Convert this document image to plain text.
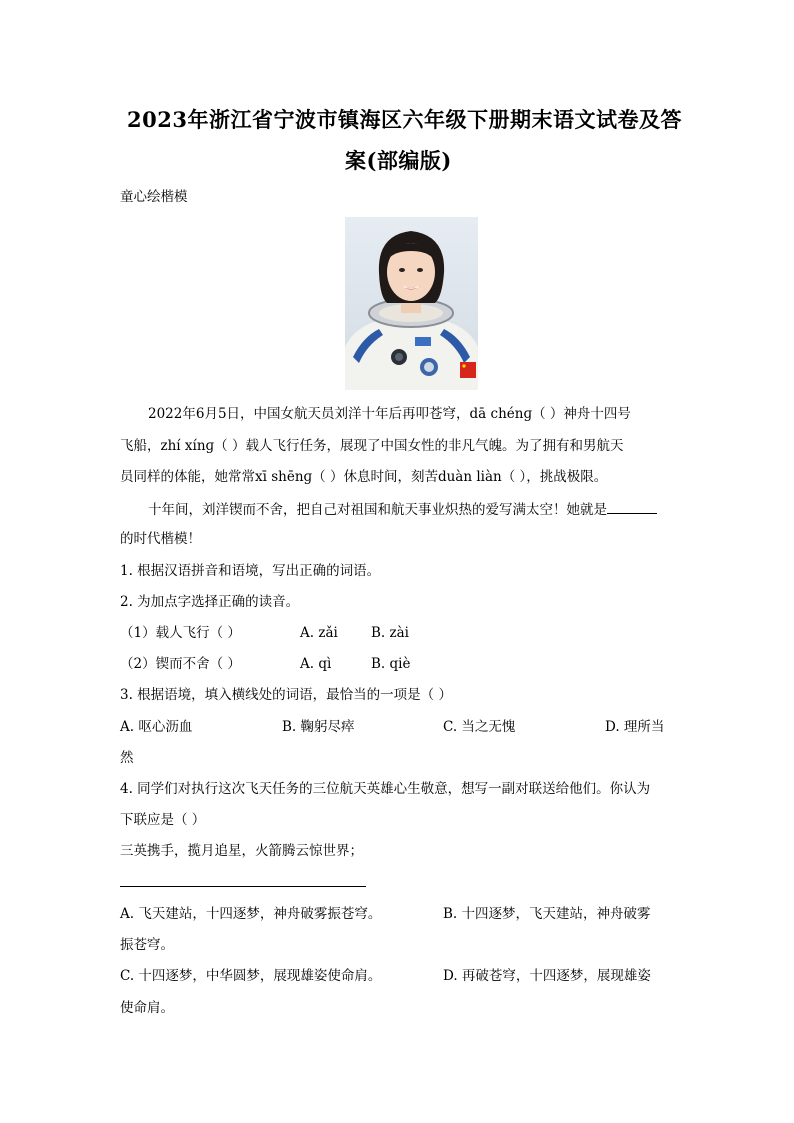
2023年浙江省宁波市镇海区六年级下册期末语文试卷及答
案(部编版)
童心绘楷模
2022年6月5日，中国女航天员刘洋十年后再叩苍穹，dā chénɡ（ ）神舟十四号
飞船，zhí xínɡ（ ）载人飞行任务，展现了中国女性的非凡气魄。为了拥有和男航天
员同样的体能，她常常xī shēnɡ（ ）休息时间，刻苦duàn liàn（ ），挑战极限。
十年间，刘洋锲而不舍，把自己对祖国和航天事业炽热的爱写满太空！她就是
的时代楷模！
1. 根据汉语拼音和语境，写出正确的词语。
2. 为加点字选择正确的读音。
（1）载人飞行（ ）	A. zǎi B. zài
（2）锲而不舍（ ）	A. qì	B. qiè
3. 根据语境，填入横线处的词语，最恰当的一项是（ ）
A. 呕心沥血	B. 鞠躬尽瘁	C. 当之无愧	D. 理所当
然
4. 同学们对执行这次飞天任务的三位航天英雄心生敬意，想写一副对联送给他们。你认为
下联应是（ ）
三英携手，揽月追星，火箭腾云惊世界；
A. 飞天建站，十四逐梦，神舟破雾振苍穹。	B. 十四逐梦，飞天建站，神舟破雾
振苍穹。
C. 十四逐梦，中华圆梦，展现雄姿使命肩。	D. 再破苍穹，十四逐梦，展现雄姿
使命肩。
